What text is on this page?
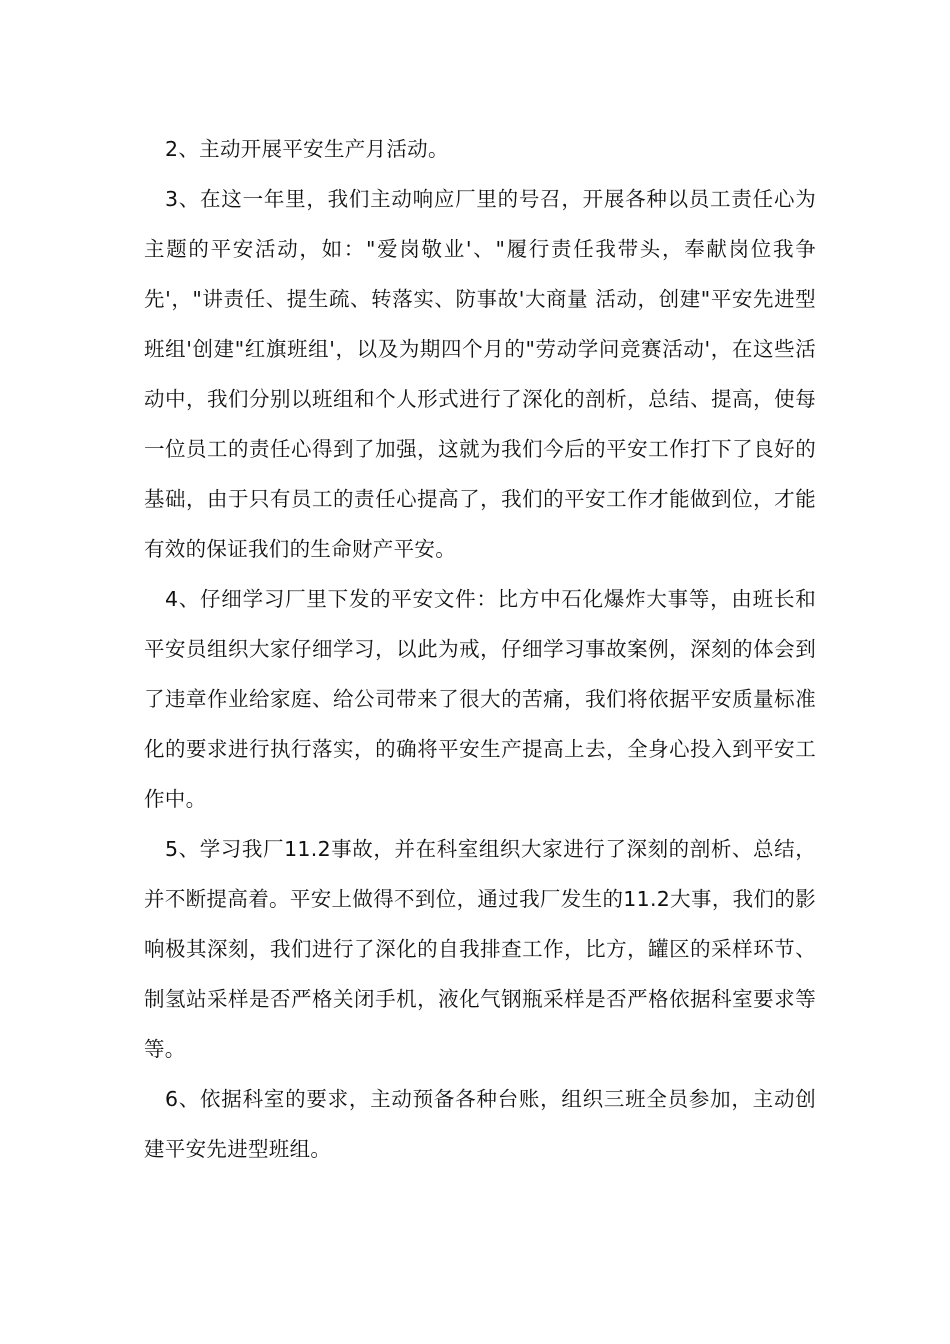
2、主动开展平安生产月活动。

3、在这一年里，我们主动响应厂里的号召，开展各种以员工责任心为主题的平安活动，如："爱岗敬业'、"履行责任我带头，奉献岗位我争先'，"讲责任、提生疏、转落实、防事故'大商量 活动，创建"平安先进型班组'创建"红旗班组'，以及为期四个月的"劳动学问竞赛活动'，在这些活动中，我们分别以班组和个人形式进行了深化的剖析，总结、提高，使每一位员工的责任心得到了加强，这就为我们今后的平安工作打下了良好的基础，由于只有员工的责任心提高了，我们的平安工作才能做到位，才能有效的保证我们的生命财产平安。

4、仔细学习厂里下发的平安文件：比方中石化爆炸大事等，由班长和平安员组织大家仔细学习，以此为戒，仔细学习事故案例，深刻的体会到了违章作业给家庭、给公司带来了很大的苦痛，我们将依据平安质量标准化的要求进行执行落实，的确将平安生产提高上去，全身心投入到平安工作中。

5、学习我厂11.2事故，并在科室组织大家进行了深刻的剖析、总结，并不断提高着。平安上做得不到位，通过我厂发生的11.2大事，我们的影响极其深刻，我们进行了深化的自我排查工作，比方，罐区的采样环节、制氢站采样是否严格关闭手机，液化气钢瓶采样是否严格依据科室要求等等。

6、依据科室的要求，主动预备各种台账，组织三班全员参加，主动创建平安先进型班组。
